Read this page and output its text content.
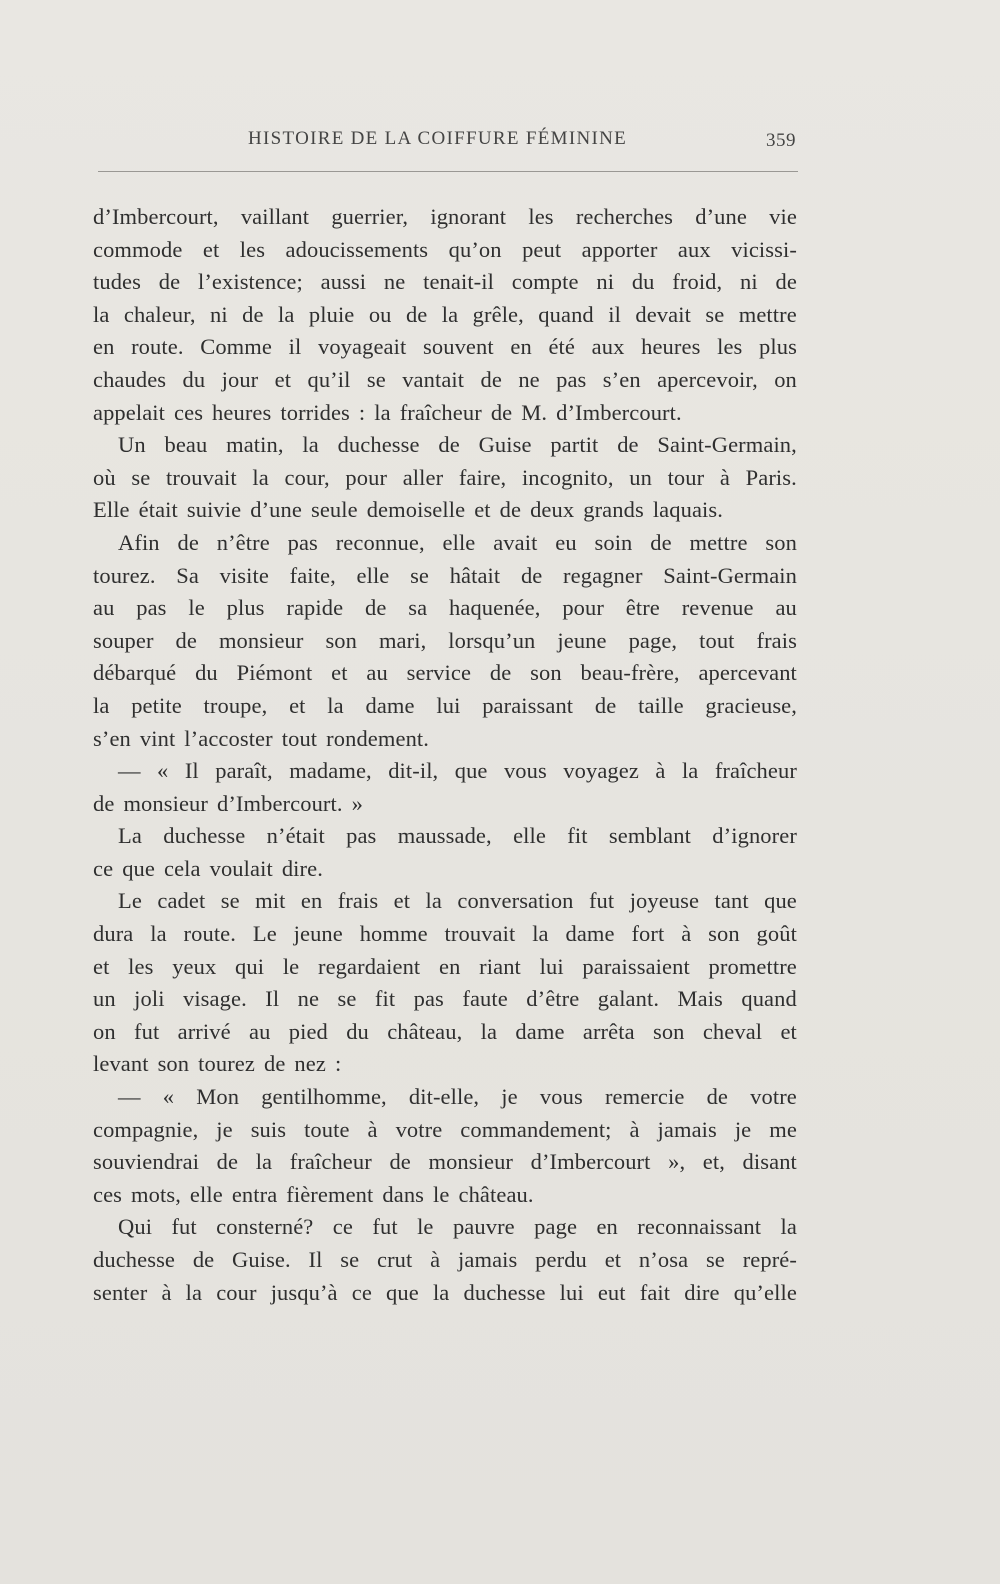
HISTOIRE DE LA COIFFURE FÉMININE	359
d’Imbercourt, vaillant guerrier, ignorant les recherches d’une vie
commode et les adoucissements qu’on peut apporter aux vicissi-
tudes de l’existence; aussi ne tenait-il compte ni du froid, ni de
la chaleur, ni de la pluie ou de la grêle, quand il devait se mettre
en route. Comme il voyageait souvent en été aux heures les plus
chaudes du jour et qu’il se vantait de ne pas s’en apercevoir, on
appelait ces heures torrides : la fraîcheur de M. d’Imbercourt.
Un beau matin, la duchesse de Guise partit de Saint-Germain,
où se trouvait la cour, pour aller faire, incognito, un tour à Paris.
Elle était suivie d’une seule demoiselle et de deux grands laquais.
Afin de n’être pas reconnue, elle avait eu soin de mettre son
tourez. Sa visite faite, elle se hâtait de regagner Saint-Germain
au pas le plus rapide de sa haquenée, pour être revenue au
souper de monsieur son mari, lorsqu’un jeune page, tout frais
débarqué du Piémont et au service de son beau-frère, apercevant
la petite troupe, et la dame lui paraissant de taille gracieuse,
s’en vint l’accoster tout rondement.
— « Il paraît, madame, dit-il, que vous voyagez à la fraîcheur
de monsieur d’Imbercourt. »
La duchesse n’était pas maussade, elle fit semblant d’ignorer
ce que cela voulait dire.
Le cadet se mit en frais et la conversation fut joyeuse tant que
dura la route. Le jeune homme trouvait la dame fort à son goût
et les yeux qui le regardaient en riant lui paraissaient promettre
un joli visage. Il ne se fit pas faute d’être galant. Mais quand
on fut arrivé au pied du château, la dame arrêta son cheval et
levant son tourez de nez :
— « Mon gentilhomme, dit-elle, je vous remercie de votre
compagnie, je suis toute à votre commandement; à jamais je me
souviendrai de la fraîcheur de monsieur d’Imbercourt », et, disant
ces mots, elle entra fièrement dans le château.
Qui fut consterné? ce fut le pauvre page en reconnaissant la
duchesse de Guise. Il se crut à jamais perdu et n’osa se repré-
senter à la cour jusqu’à ce que la duchesse lui eut fait dire qu’elle
